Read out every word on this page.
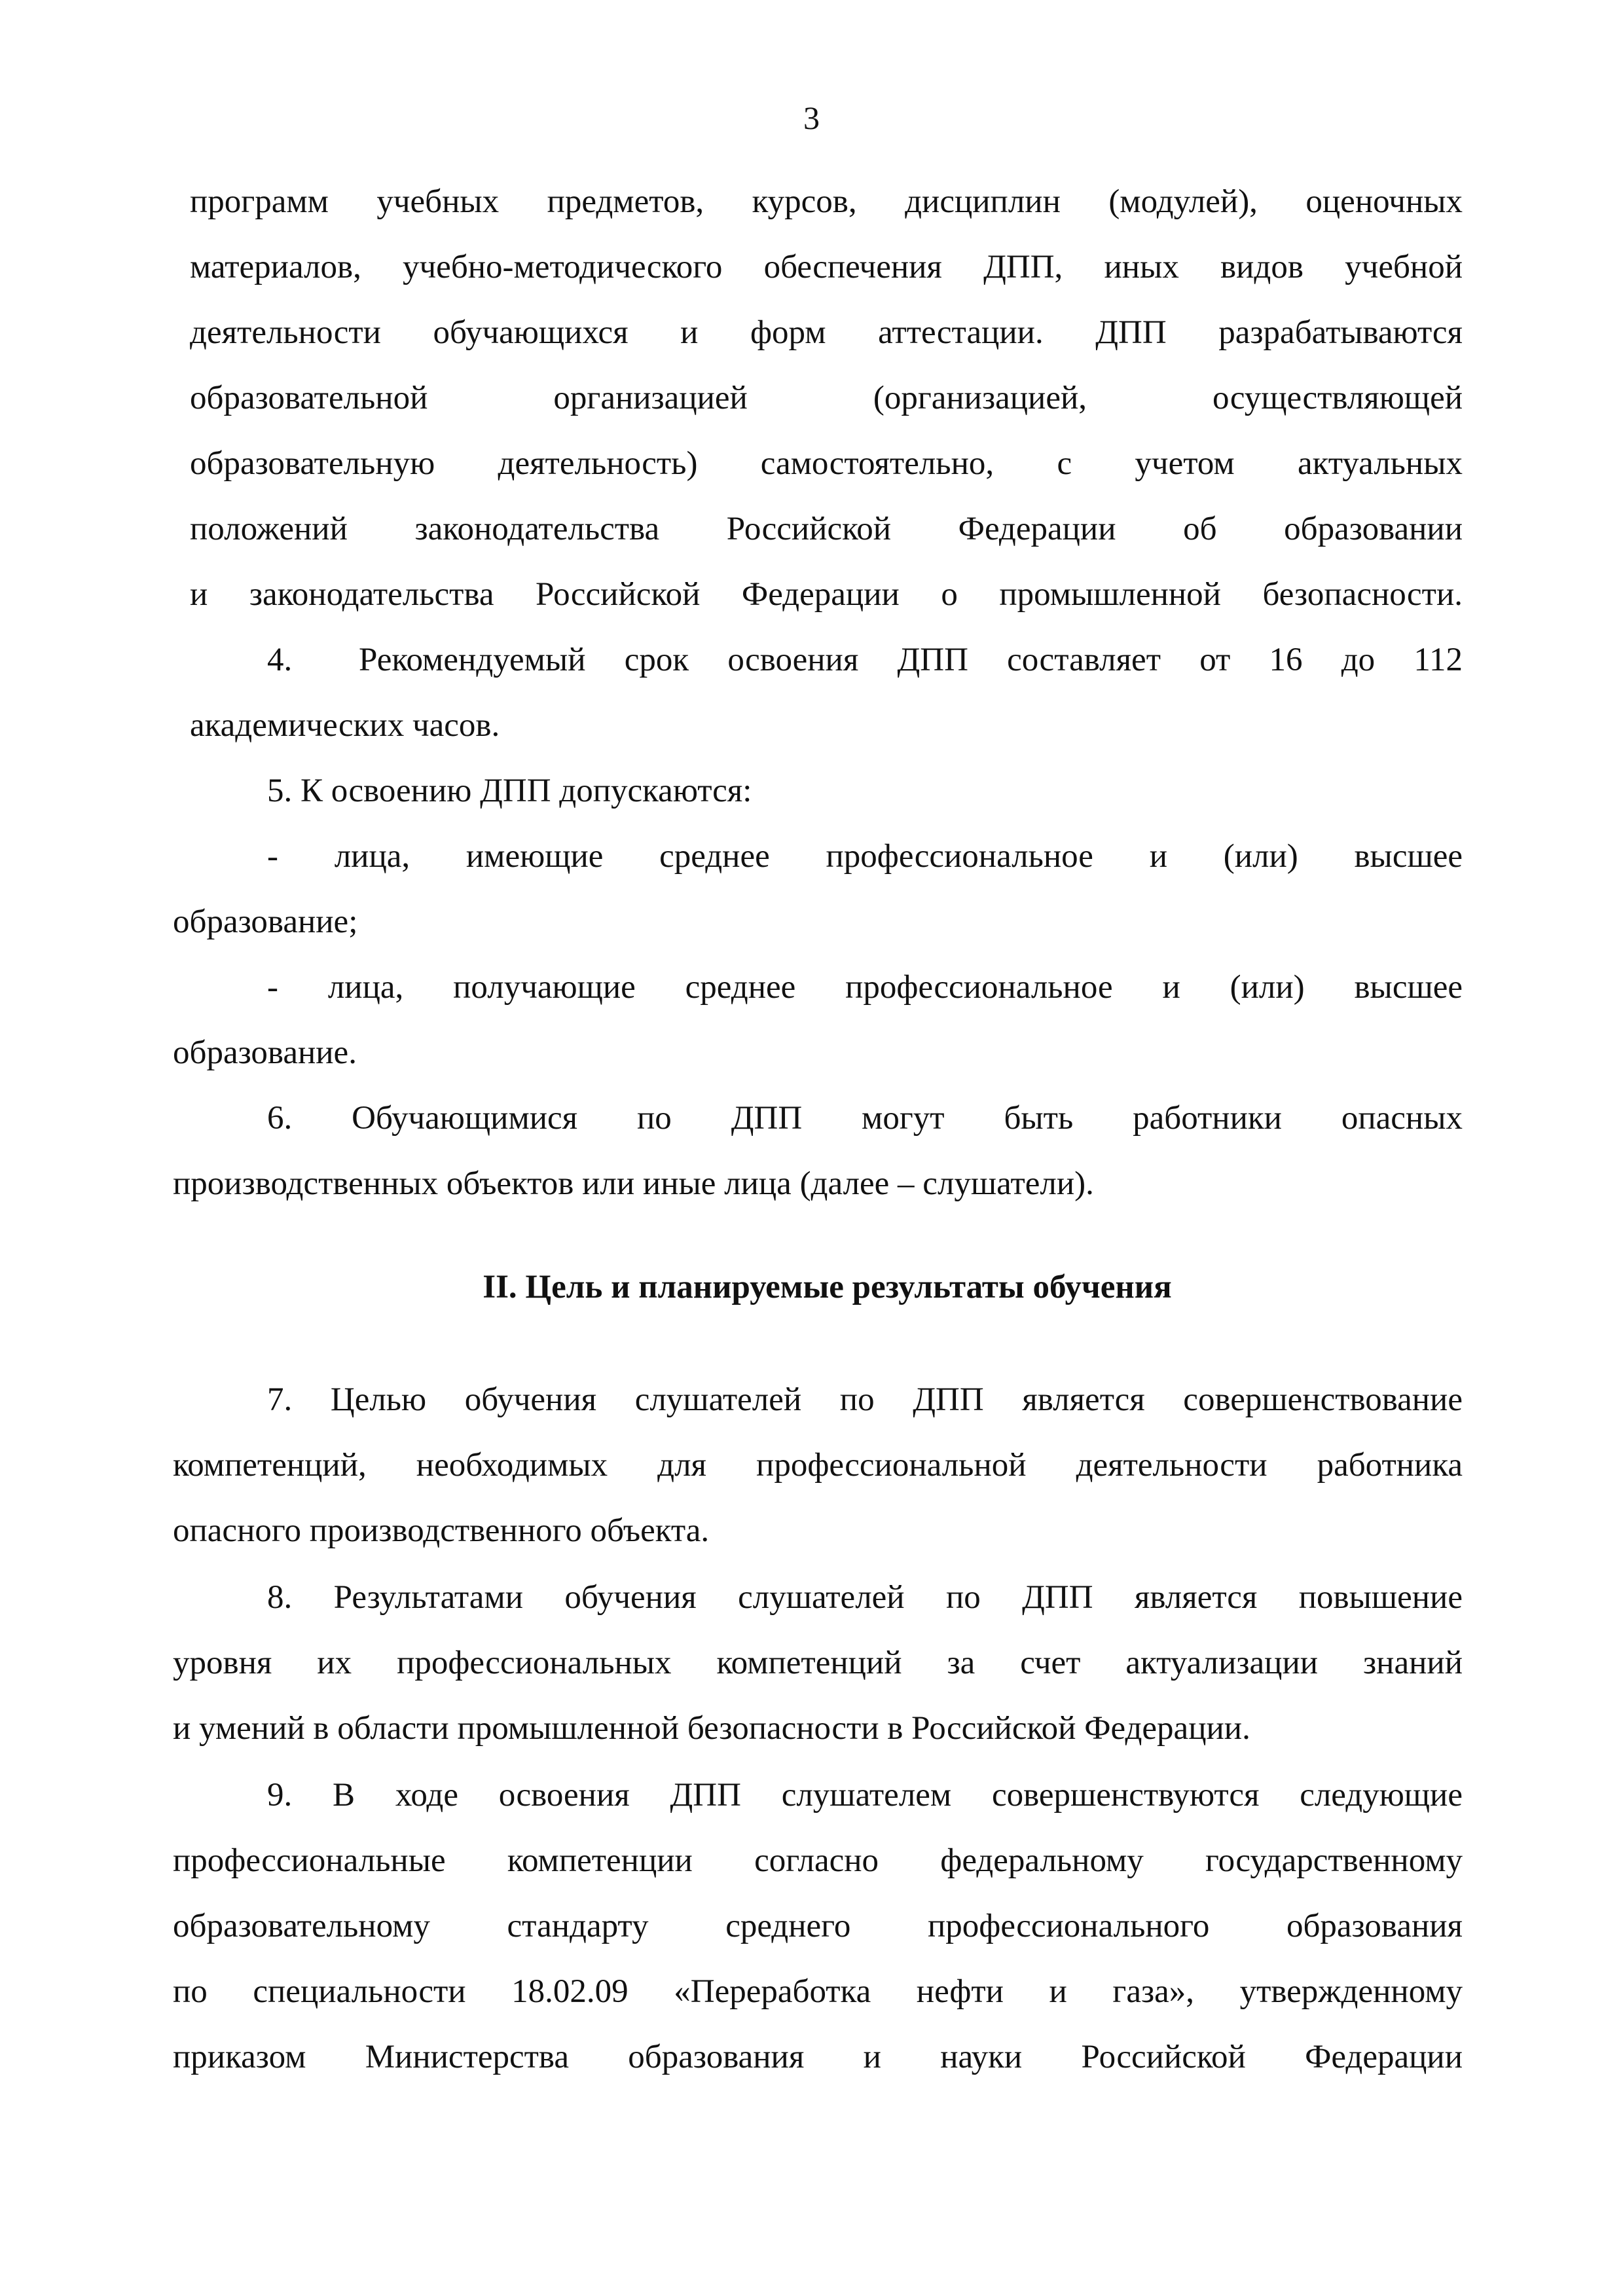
3
программ учебных предметов, курсов, дисциплин (модулей), оценочных
материалов, учебно-методического обеспечения ДПП, иных видов учебной
деятельности обучающихся и форм аттестации. ДПП разрабатываются
образовательной организацией (организацией, осуществляющей
образовательную деятельность) самостоятельно, с учетом актуальных
положений законодательства Российской Федерации об образовании
и законодательства Российской Федерации о промышленной безопасности.
4.	Рекомендуемый срок освоения ДПП составляет от 16 до 112
академических часов.
5. К освоению ДПП допускаются:
- лица, имеющие среднее профессиональное и (или) высшее
образование;
- лица, получающие среднее профессиональное и (или) высшее
образование.
6. Обучающимися по ДПП могут быть работники опасных
производственных объектов или иные лица (далее – слушатели).
II. Цель и планируемые результаты обучения
7. Целью обучения слушателей по ДПП является совершенствование
компетенций, необходимых для профессиональной деятельности работника
опасного производственного объекта.
8. Результатами обучения слушателей по ДПП является повышение
уровня их профессиональных компетенций за счет актуализации знаний
и умений в области промышленной безопасности в Российской Федерации.
9. В ходе освоения ДПП слушателем совершенствуются следующие
профессиональные компетенции согласно федеральному государственному
образовательному стандарту среднего профессионального образования
по специальности 18.02.09 «Переработка нефти и газа», утвержденному
приказом Министерства образования и науки Российской Федерации
